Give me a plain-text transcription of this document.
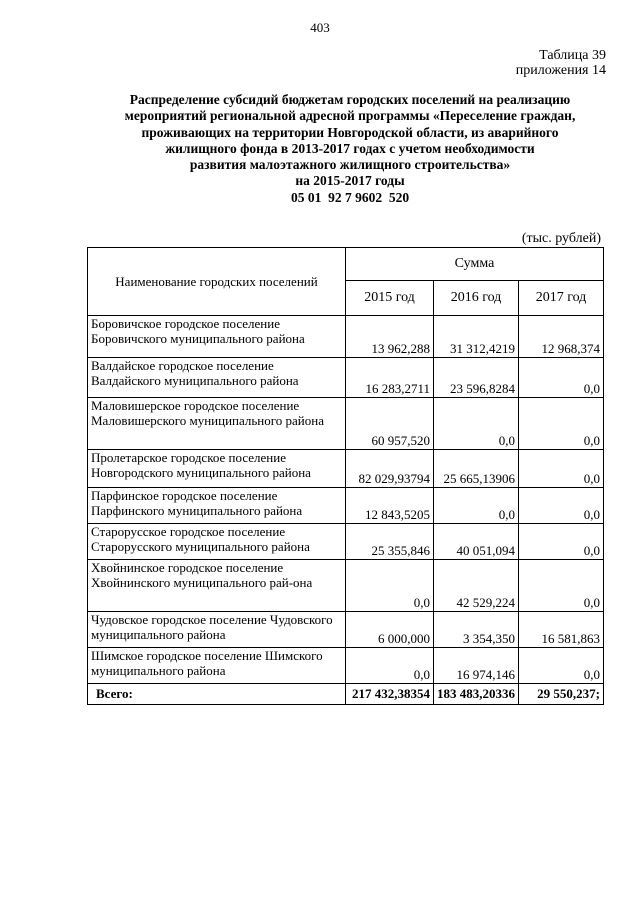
403
Таблица 39
приложения 14
Распределение субсидий бюджетам городских поселений на реализацию
мероприятий региональной адресной программы «Переселение граждан,
проживающих на территории Новгородской области, из аварийного
жилищного фонда в 2013-2017 годах с учетом необходимости
развития малоэтажного жилищного строительства»
на 2015-2017 годы
05 01  92 7 9602  520
(тыс. рублей)
Наименование городских поселений	Сумма		
	2015 год	2016 год	2017 год
Боровичское городское поселение Боровичского муниципального района	13 962,288	31 312,4219	12 968,374
Валдайское городское поселение Валдайского муниципального района	16 283,2711	23 596,8284	0,0
Маловишерское городское поселение Маловишерского муниципального района	60 957,520	0,0	0,0
Пролетарское городское поселение Новгородского муниципального района	82 029,93794	25 665,13906	0,0
Парфинское городское поселение Парфинского муниципального района	12 843,5205	0,0	0,0
Старорусское городское поселение Старорусского муниципального района	25 355,846	40 051,094	0,0
Хвойнинское городское поселение Хвойнинского муниципального рай-она	0,0	42 529,224	0,0
Чудовское городское поселение Чудовского муниципального района	6 000,000	3 354,350	16 581,863
Шимское городское поселение Шимского муниципального района	0,0	16 974,146	0,0
Всего:	217 432,38354	183 483,20336	29 550,237;
